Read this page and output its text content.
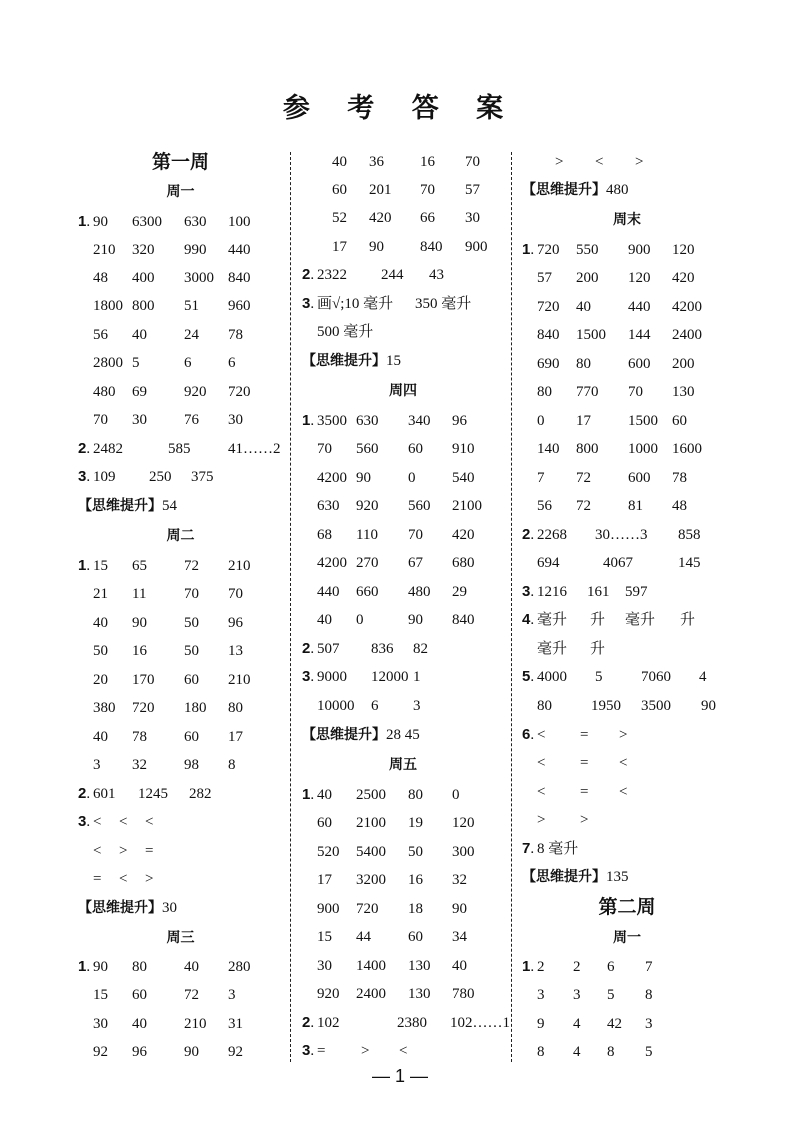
参 考 答 案
第一周
周一
1. 90 6300 630 100
210 320 990 440
48 400 3000 840
1800 800 51 960
56 40 24 78
2800 5	6 6
480 69 920 720
70 30 76 30
2. 2482	585	41……2
3. 109 250 375
【思维提升】54
周二
1. 15 65 72 210
21 11	70 70
40 90 50 96
50 16 50 13
20 170 60 210
380 720 180 80
40 78 60 17
3 32 98 8
2. 601 1245 282
3. < < <
< > =
= < >
【思维提升】30
周三
1. 90 80 40 280
15 60 72 3
30 40 210 31
92 96 90 92
40 36 16 70
60 201 70 57
52 420 66 30
17 90 840 900
2. 2322 244 43
3. 画√;10 毫升 350 毫升
500 毫升
【思维提升】15
周四
1. 3500 630 340 96
70 560 60 910
4200 90 0 540
630 920 560 2100
68 110 70 420
4200 270 67 680
440 660 480 29
40 0	90 840
2. 507 836 82
3. 9000 12000 1
10000 6 3
【思维提升】28 45
周五
1. 40 2500 80 0
60 2100 19 120
520 5400 50 300
17 3200 16 32
900 720 18 90
15 44 60 34
30 1400 130 40
920 2400 130 780
2. 102	2380 102……1
3. = > <
> < >
【思维提升】480
周末
1. 720 550 900 120
57 200 120 420
720 40 440 4200
840 1500 144 2400
690 80 600 200
80 770 70 130
0 17 1500 60
140 800 1000 1600
7 72 600 78
56 72 81 48
2. 2268 30……3 858
694	4067	145
3. 1216 161 597
4. 毫升 升 毫升 升
毫升 升
5. 4000 5	7060 4
80	1950 3500 90
6. < = >
< = <
< = <
> >
7. 8 毫升
【思维提升】135
第二周
周一
1. 2 2 6 7
3 3 5 8
9 4 42 3
8 4 8 5
— 1 —
